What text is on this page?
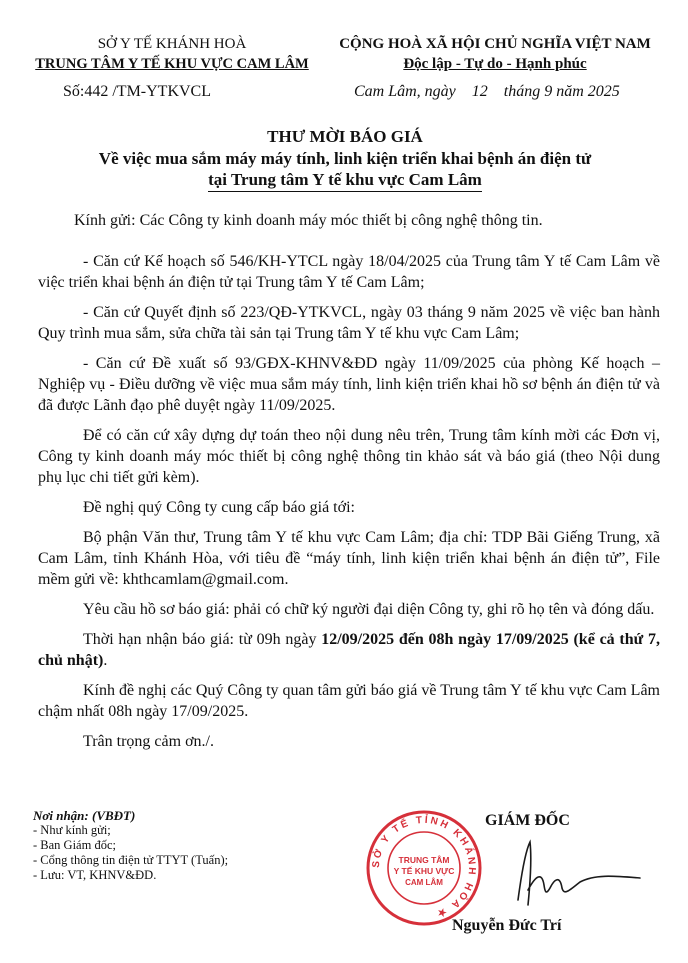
SỞ Y TẾ KHÁNH HOÀ
TRUNG TÂM Y TẾ KHU VỰC CAM LÂM
CỘNG HOÀ XÃ HỘI CHỦ NGHĨA VIỆT NAM
Độc lập - Tự do - Hạnh phúc
Số:442 /TM-YTKVCL	Cam Lâm, ngày 12 tháng 9 năm 2025
THƯ MỜI BÁO GIÁ
Về việc mua sắm máy máy tính, linh kiện triển khai bệnh án điện tử
tại Trung tâm Y tế khu vực Cam Lâm

Kính gửi: Các Công ty kinh doanh máy móc thiết bị công nghệ thông tin.

- Căn cứ Kế hoạch số 546/KH-YTCL ngày 18/04/2025 của Trung tâm Y tế Cam Lâm về việc triển khai bệnh án điện tử tại Trung tâm Y tế Cam Lâm;

- Căn cứ Quyết định số 223/QĐ-YTKVCL, ngày 03 tháng 9 năm 2025 về việc ban hành Quy trình mua sắm, sửa chữa tài sản tại Trung tâm Y tế khu vực Cam Lâm;

- Căn cứ Đề xuất số 93/GĐX-KHNV&ĐD ngày 11/09/2025 của phòng Kế hoạch – Nghiệp vụ - Điều dưỡng về việc mua sắm máy tính, linh kiện triển khai hồ sơ bệnh án điện tử và đã được Lãnh đạo phê duyệt ngày 11/09/2025.

Để có căn cứ xây dựng dự toán theo nội dung nêu trên, Trung tâm kính mời các Đơn vị, Công ty kinh doanh máy móc thiết bị công nghệ thông tin khảo sát và báo giá (theo Nội dung phụ lục chi tiết gửi kèm).

Đề nghị quý Công ty cung cấp báo giá tới:

Bộ phận Văn thư, Trung tâm Y tế khu vực Cam Lâm; địa chỉ: TDP Bãi Giếng Trung, xã Cam Lâm, tỉnh Khánh Hòa, với tiêu đề “máy tính, linh kiện triển khai bệnh án điện tử”, File mềm gửi về: khthcamlam@gmail.com.

Yêu cầu hồ sơ báo giá: phải có chữ ký người đại diện Công ty, ghi rõ họ tên và đóng dấu.

Thời hạn nhận báo giá: từ 09h ngày 12/09/2025 đến 08h ngày 17/09/2025 (kể cả thứ 7, chủ nhật).

Kính đề nghị các Quý Công ty quan tâm gửi báo giá về Trung tâm Y tế khu vực Cam Lâm chậm nhất 08h ngày 17/09/2025.

Trân trọng cảm ơn./.

Nơi nhận: (VBĐT)
- Như kính gửi;
- Ban Giám đốc;
- Cổng thông tin điện tử TTYT (Tuấn);
- Lưu: VT, KHNV&ĐD.
SỞ Y TẾ TỈNH KHÁNH HÒA ★
TRUNG TÂM
Y TẾ KHU VỰC
CAM LÂM
GIÁM ĐỐC
Nguyễn Đức Trí
